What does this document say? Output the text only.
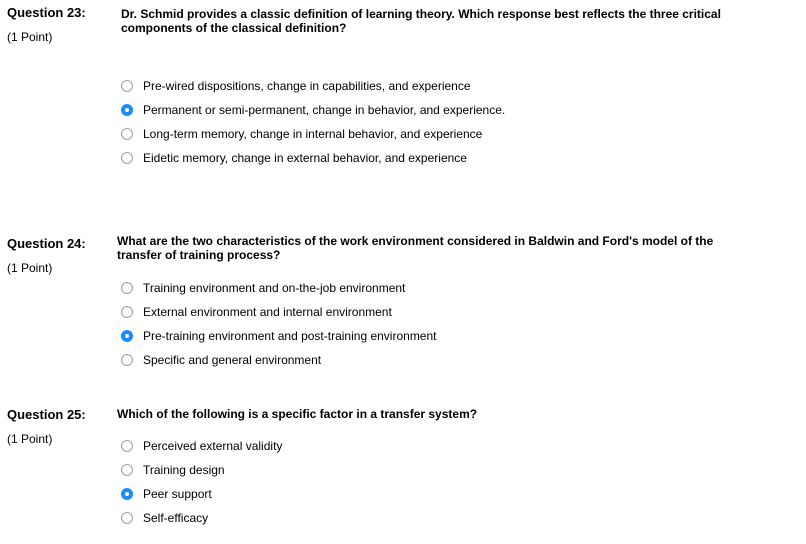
Question 23:
(1 Point)
Dr. Schmid provides a classic definition of learning theory. Which response best reflects the three critical components of the classical definition?
Pre-wired dispositions, change in capabilities, and experience
Permanent or semi-permanent, change in behavior, and experience.
Long-term memory, change in internal behavior, and experience
Eidetic memory, change in external behavior, and experience
Question 24:
(1 Point)
What are the two characteristics of the work environment considered in Baldwin and Ford's model of the transfer of training process?
Training environment and on-the-job environment
External environment and internal environment
Pre-training environment and post-training environment
Specific and general environment
Question 25:
(1 Point)
Which of the following is a specific factor in a transfer system?
Perceived external validity
Training design
Peer support
Self-efficacy
